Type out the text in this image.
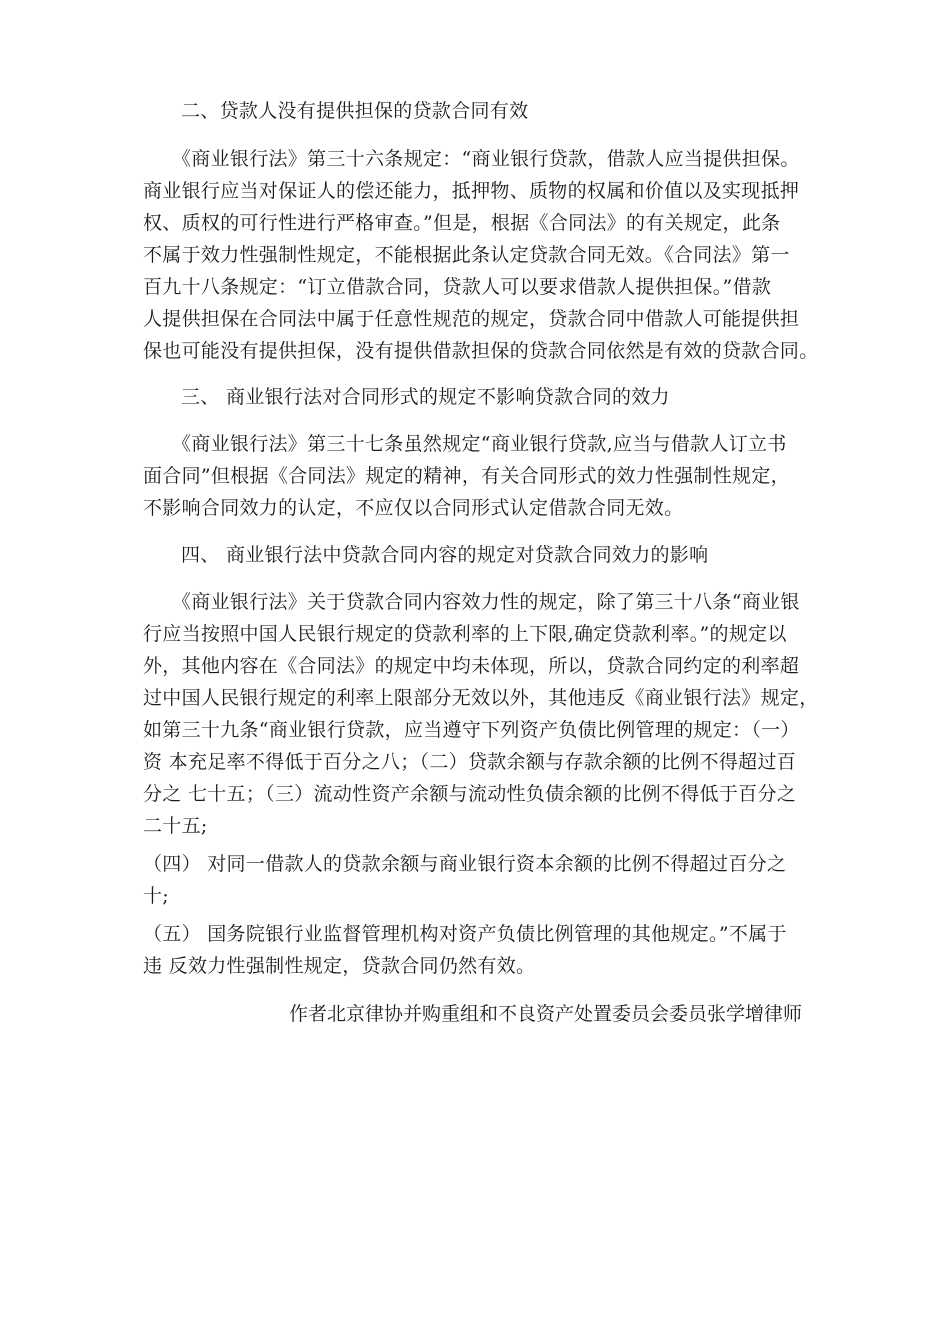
二、贷款人没有提供担保的贷款合同有效
《商业银行法》第三十六条规定：“商业银行贷款，借款人应当提供担保。
商业银行应当对保证人的偿还能力，抵押物、质物的权属和价值以及实现抵押
权、质权的可行性进行严格审查。”但是，根据《合同法》的有关规定，此条
不属于效力性强制性规定，不能根据此条认定贷款合同无效。《合同法》第一
百九十八条规定：“订立借款合同，贷款人可以要求借款人提供担保。”借款
人提供担保在合同法中属于任意性规范的规定，贷款合同中借款人可能提供担
保也可能没有提供担保，没有提供借款担保的贷款合同依然是有效的贷款合同。
三、 商业银行法对合同形式的规定不影响贷款合同的效力
《商业银行法》第三十七条虽然规定“商业银行贷款,应当与借款人订立书
面合同”但根据《合同法》规定的精神，有关合同形式的效力性强制性规定，
不影响合同效力的认定，不应仅以合同形式认定借款合同无效。
四、 商业银行法中贷款合同内容的规定对贷款合同效力的影响
《商业银行法》关于贷款合同内容效力性的规定，除了第三十八条“商业银
行应当按照中国人民银行规定的贷款利率的上下限,确定贷款利率。”的规定以
外，其他内容在《合同法》的规定中均未体现，所以，贷款合同约定的利率超
过中国人民银行规定的利率上限部分无效以外，其他违反《商业银行法》规定，
如第三十九条“商业银行贷款，应当遵守下列资产负债比例管理的规定：（一）
资 本充足率不得低于百分之八；（二）贷款余额与存款余额的比例不得超过百
分之 七十五；（三）流动性资产余额与流动性负债余额的比例不得低于百分之
二十五;
（四） 对同一借款人的贷款余额与商业银行资本余额的比例不得超过百分之
十;
（五） 国务院银行业监督管理机构对资产负债比例管理的其他规定。”不属于
违 反效力性强制性规定，贷款合同仍然有效。
作者北京律协并购重组和不良资产处置委员会委员张学增律师
